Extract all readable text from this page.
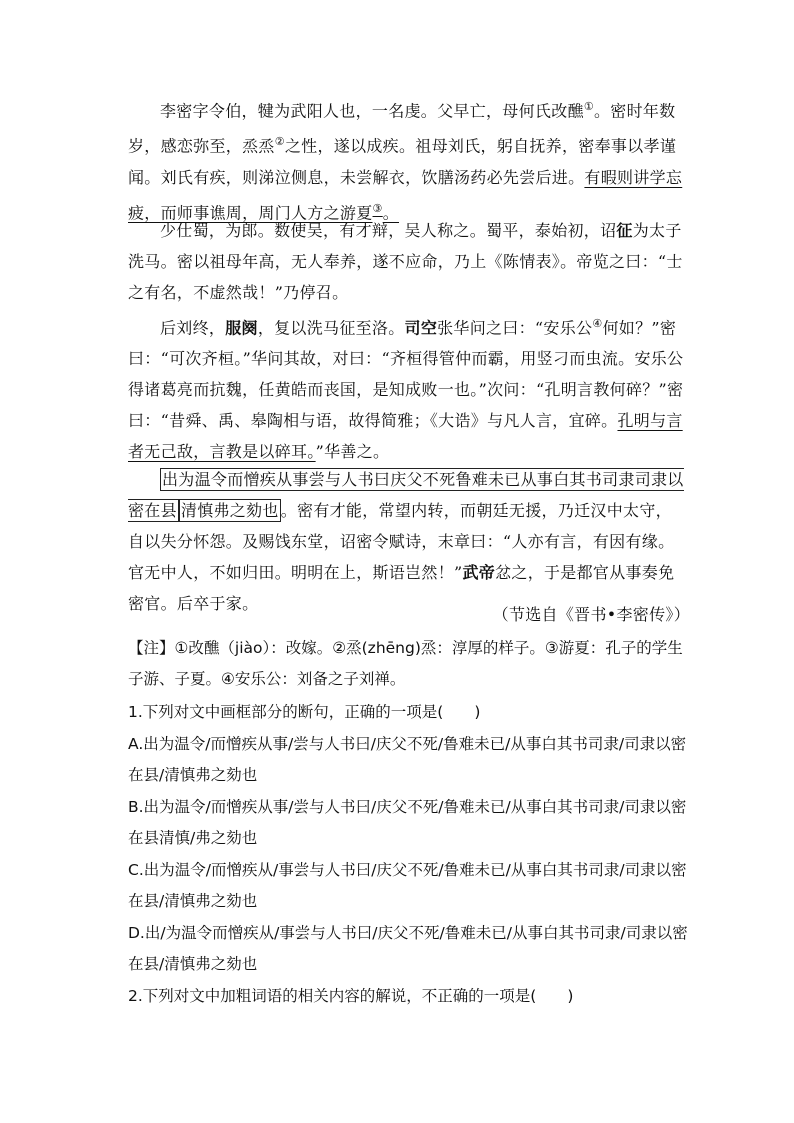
李密字令伯，犍为武阳人也，一名虔。父早亡，母何氏改醮①。密时年数岁，感恋弥至，烝烝②之性，遂以成疾。祖母刘氏，躬自抚养，密奉事以孝谨闻。刘氏有疾，则涕泣侧息，未尝解衣，饮膳汤药必先尝后进。有暇则讲学忘疲，而师事谯周，周门人方之游夏③。

少仕蜀，为郎。数使吴，有才辩，吴人称之。蜀平，泰始初，诏征为太子洗马。密以祖母年高，无人奉养，遂不应命，乃上《陈情表》。帝览之曰：“士之有名，不虚然哉！”乃停召。

后刘终，服阕，复以洗马征至洛。司空张华问之曰：“安乐公④何如？”密曰：“可次齐桓。”华问其故，对曰：“齐桓得管仲而霸，用竖刁而虫流。安乐公得诸葛亮而抗魏，任黄皓而丧国，是知成败一也。”次问：“孔明言教何碎？”密曰：“昔舜、禹、皋陶相与语，故得简雅；《大诰》与凡人言，宜碎。孔明与言者无己敌，言教是以碎耳。”华善之。

出为温令而憎疾从事尝与人书曰庆父不死鲁难未已从事白其书司隶司隶以密在县 清慎弗之劾也 。密有才能，常望内转，而朝廷无援，乃迁汉中太守，自以失分怀怨。及赐饯东堂，诏密令赋诗，末章曰：“人亦有言，有因有缘。官无中人，不如归田。明明在上，斯语岂然！”武帝忿之，于是都官从事奏免密官。后卒于家。

（节选自《晋书•李密传》）
【注】①改醮（jiào）：改嫁。②烝(zhēng)烝：淳厚的样子。③游夏：孔子的学生
子游、子夏。④安乐公：刘备之子刘禅。
1.下列对文中画框部分的断句，正确的一项是(　　)
A.出为温令/而憎疾从事/尝与人书曰/庆父不死/鲁难未已/从事白其书司隶/司隶以密
在县/清慎弗之劾也
B.出为温令/而憎疾从事/尝与人书曰/庆父不死/鲁难未已/从事白其书司隶/司隶以密
在县清慎/弗之劾也
C.出为温令/而憎疾从/事尝与人书曰/庆父不死/鲁难未已/从事白其书司隶/司隶以密
在县/清慎弗之劾也
D.出/为温令而憎疾从/事尝与人书曰/庆父不死/鲁难未已/从事白其书司隶/司隶以密
在县/清慎弗之劾也
2.下列对文中加粗词语的相关内容的解说，不正确的一项是(　　)
